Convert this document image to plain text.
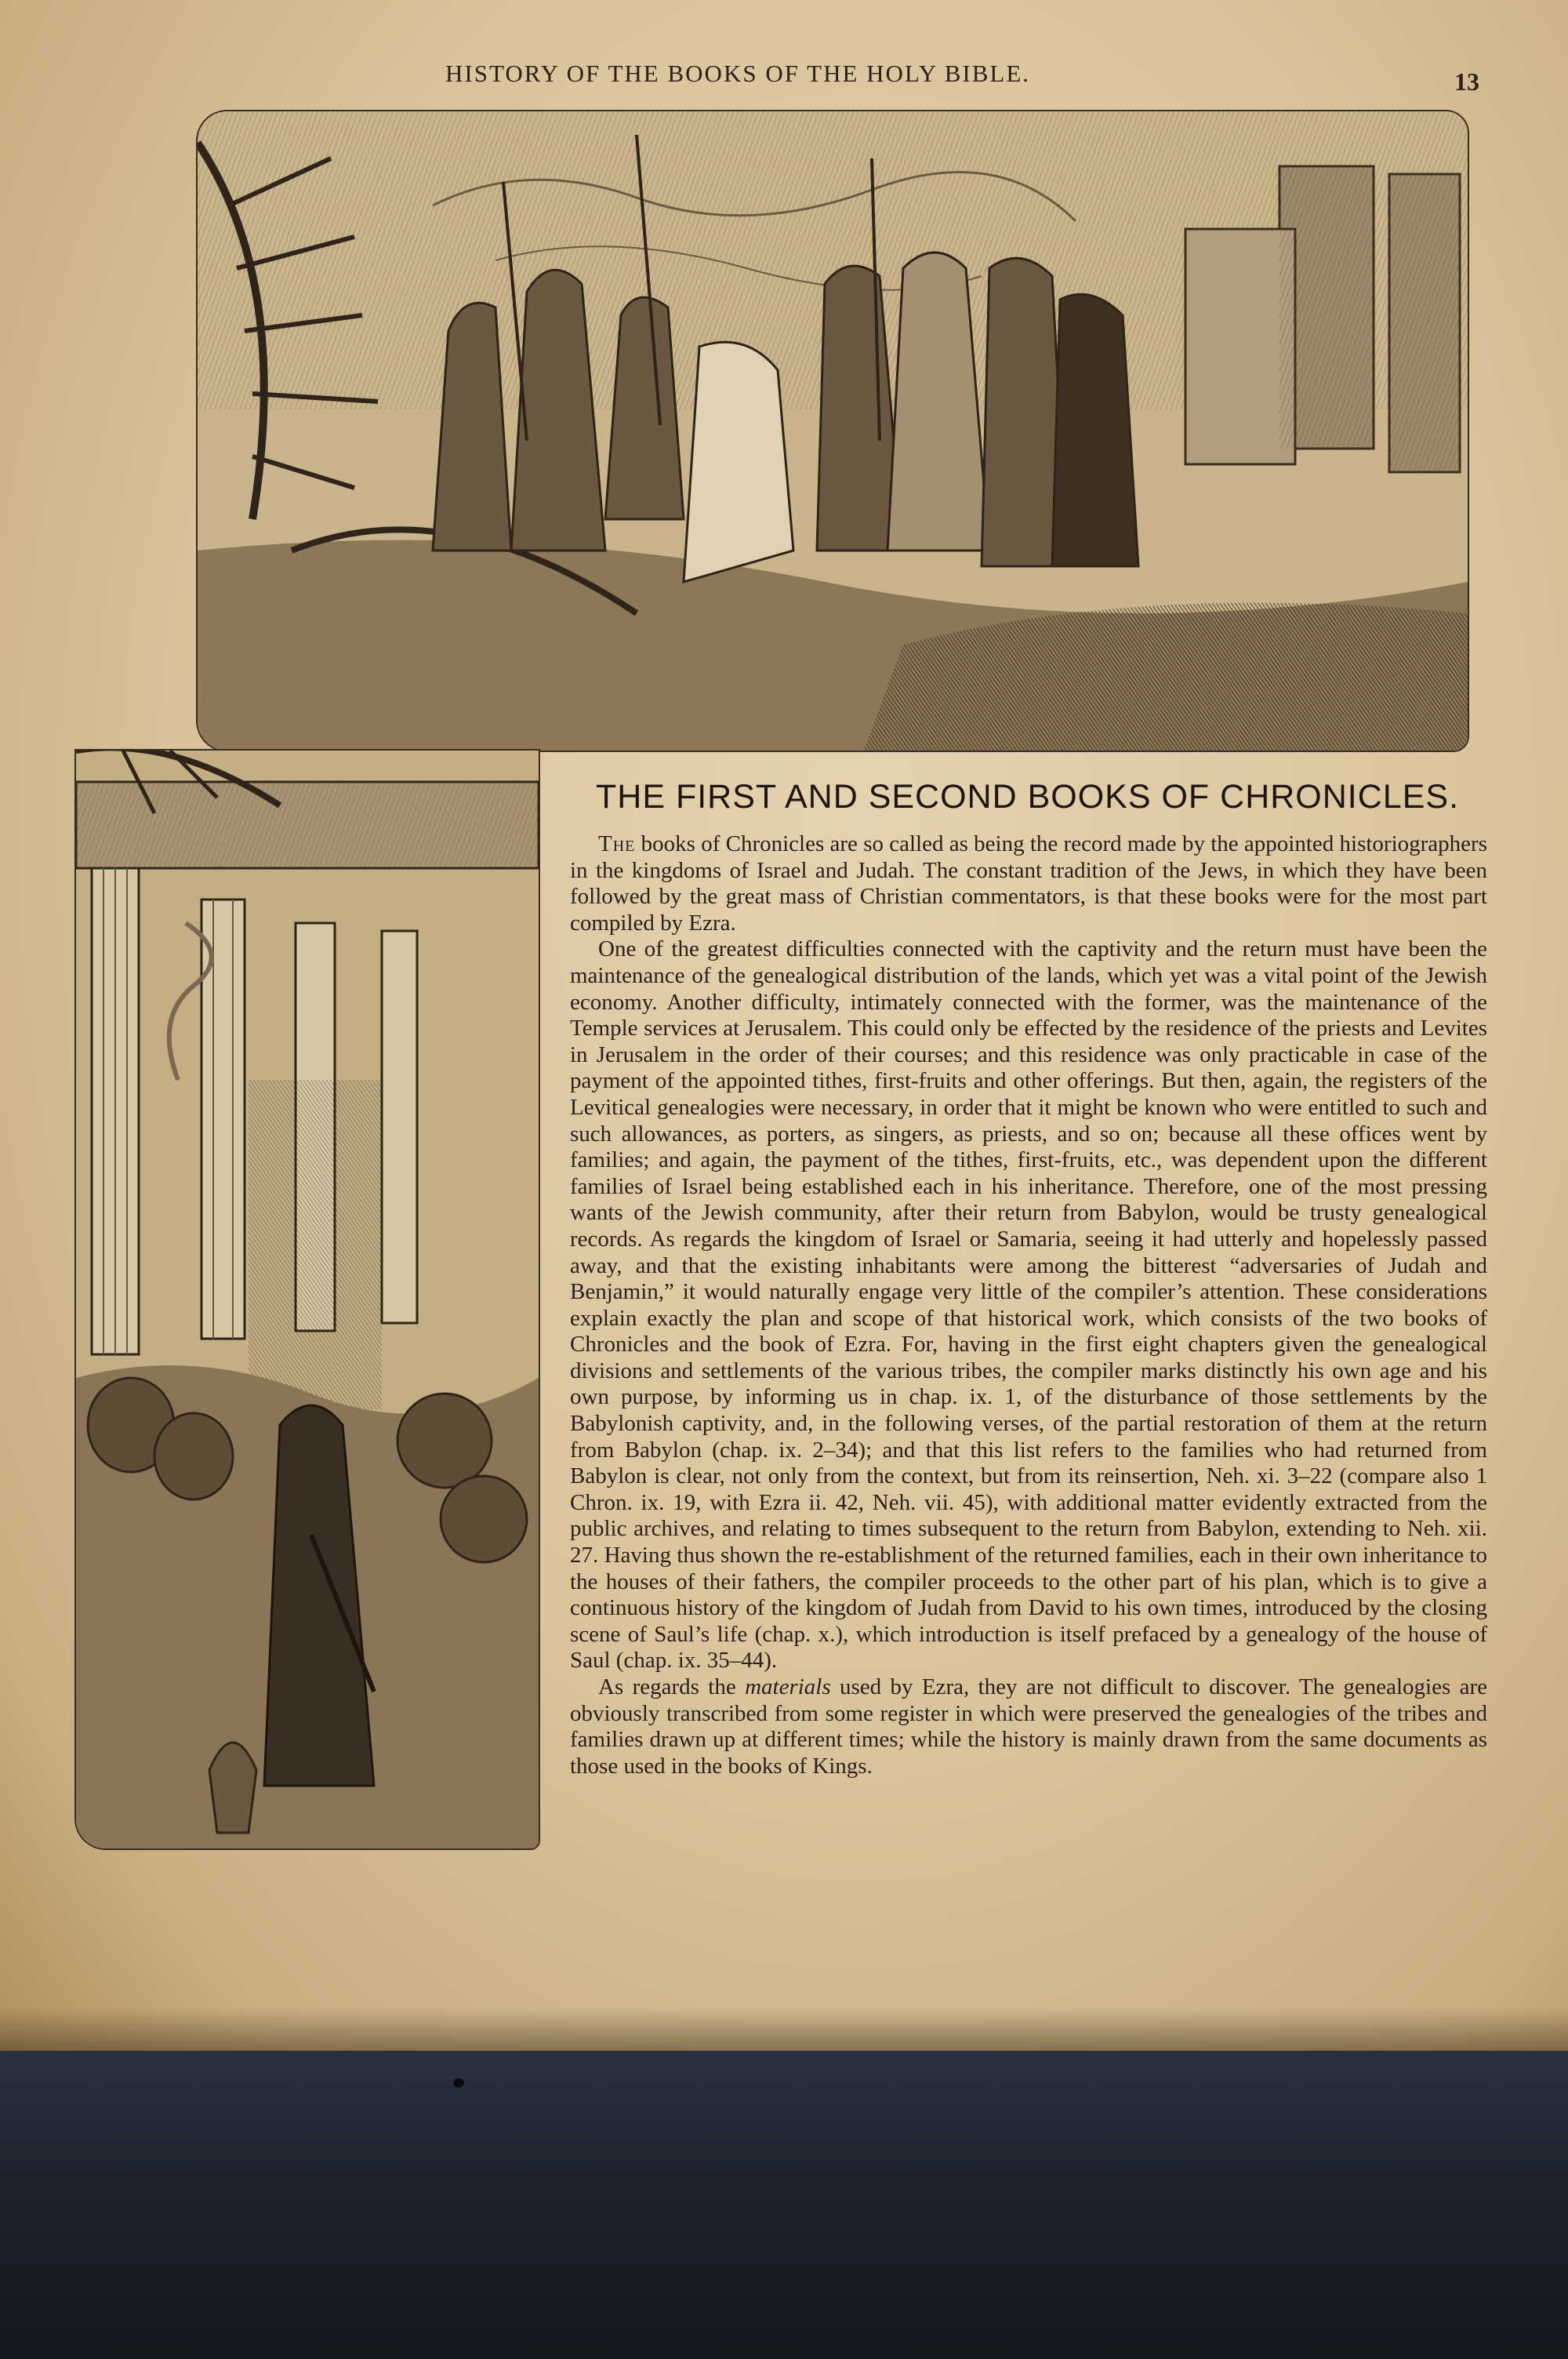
HISTORY OF THE BOOKS OF THE HOLY BIBLE.	13
THE FIRST AND SECOND BOOKS OF CHRONICLES.

The books of Chronicles are so called as being the record made by the appointed historiographers in the kingdoms of Israel and Judah. The constant tradition of the Jews, in which they have been followed by the great mass of Christian commentators, is that these books were for the most part compiled by Ezra.

One of the greatest difficulties connected with the captivity and the return must have been the maintenance of the genealogical distribution of the lands, which yet was a vital point of the Jewish economy. Another difficulty, intimately connected with the former, was the maintenance of the Temple services at Jerusalem. This could only be effected by the residence of the priests and Levites in Jerusalem in the order of their courses; and this residence was only practicable in case of the payment of the appointed tithes, first-fruits and other offerings. But then, again, the registers of the Levitical genealogies were necessary, in order that it might be known who were entitled to such and such allowances, as porters, as singers, as priests, and so on; because all these offices went by families; and again, the payment of the tithes, first-fruits, etc., was dependent upon the different families of Israel being established each in his inheritance. Therefore, one of the most pressing wants of the Jewish community, after their return from Babylon, would be trusty genealogical records. As regards the kingdom of Israel or Samaria, seeing it had utterly and hopelessly passed away, and that the existing inhabitants were among the bitterest “adversaries of Judah and Benjamin,” it would naturally engage very little of the compiler’s attention. These considerations explain exactly the plan and scope of that historical work, which consists of the two books of Chronicles and the book of Ezra. For, having in the first eight chapters given the genealogical divisions and settlements of the various tribes, the compiler marks distinctly his own age and his own purpose, by informing us in chap. ix. 1, of the disturbance of those settlements by the Babylonish captivity, and, in the following verses, of the partial restoration of them at the return from Babylon (chap. ix. 2–34); and that this list refers to the families who had returned from Babylon is clear, not only from the context, but from its reinsertion, Neh. xi. 3–22 (compare also 1 Chron. ix. 19, with Ezra ii. 42, Neh. vii. 45), with additional matter evidently extracted from the public archives, and relating to times subsequent to the return from Babylon, extending to Neh. xii. 27. Having thus shown the re-establishment of the returned families, each in their own inheritance to the houses of their fathers, the compiler proceeds to the other part of his plan, which is to give a continuous history of the kingdom of Judah from David to his own times, introduced by the closing scene of Saul’s life (chap. x.), which introduction is itself prefaced by a genealogy of the house of Saul (chap. ix. 35–44).

As regards the materials used by Ezra, they are not difficult to discover. The genealogies are obviously transcribed from some register in which were preserved the genealogies of the tribes and families drawn up at different times; while the history is mainly drawn from the same documents as those used in the books of Kings.
